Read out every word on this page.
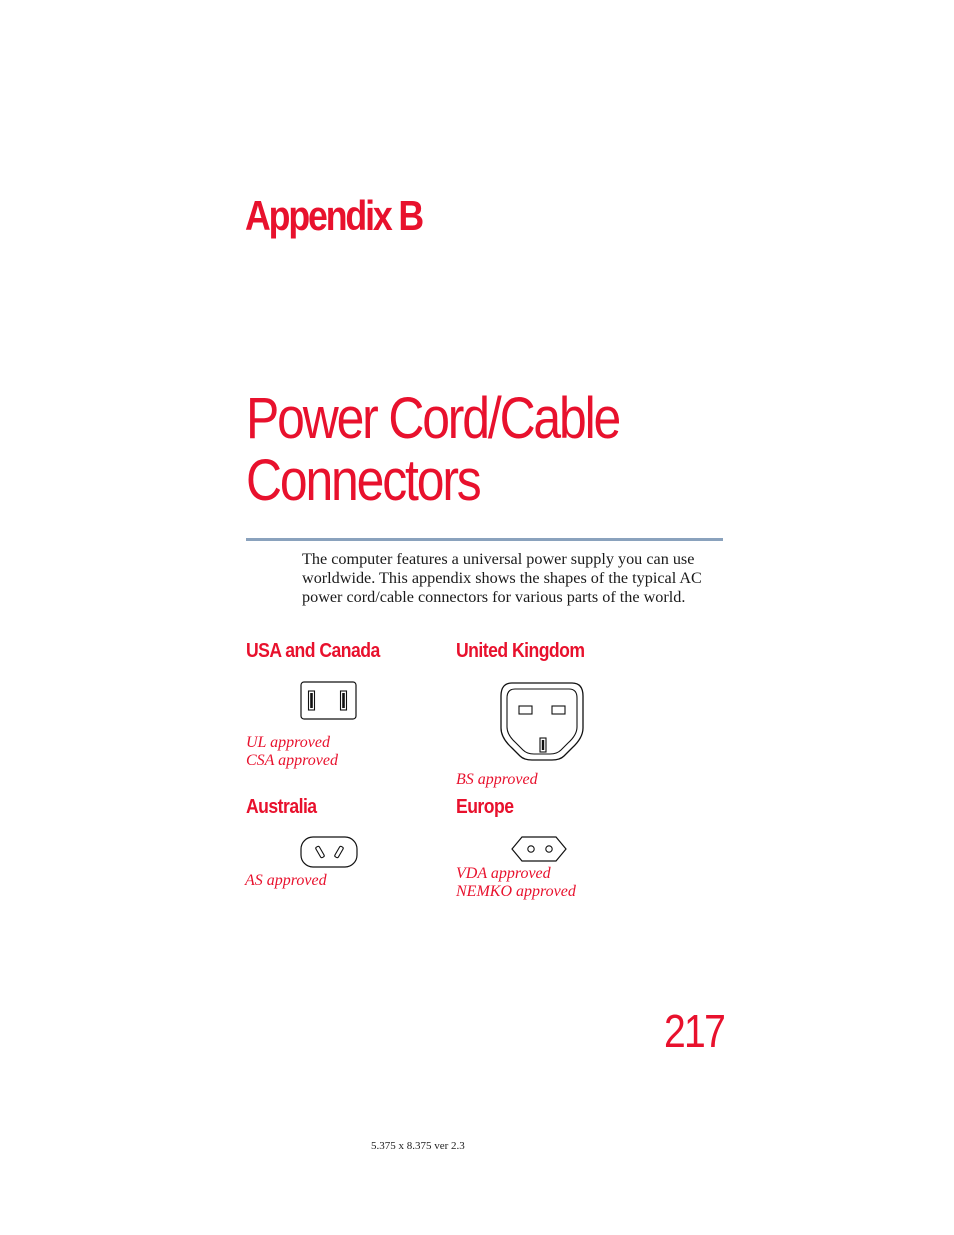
Appendix B
Power Cord/Cable
Connectors
The computer features a universal power supply you can use
worldwide. This appendix shows the shapes of the typical AC
power cord/cable connectors for various parts of the world.
USA and Canada
UL approved
CSA approved
United Kingdom
BS approved
Australia
AS approved
Europe
VDA approved
NEMKO approved
217
5.375 x 8.375 ver 2.3
